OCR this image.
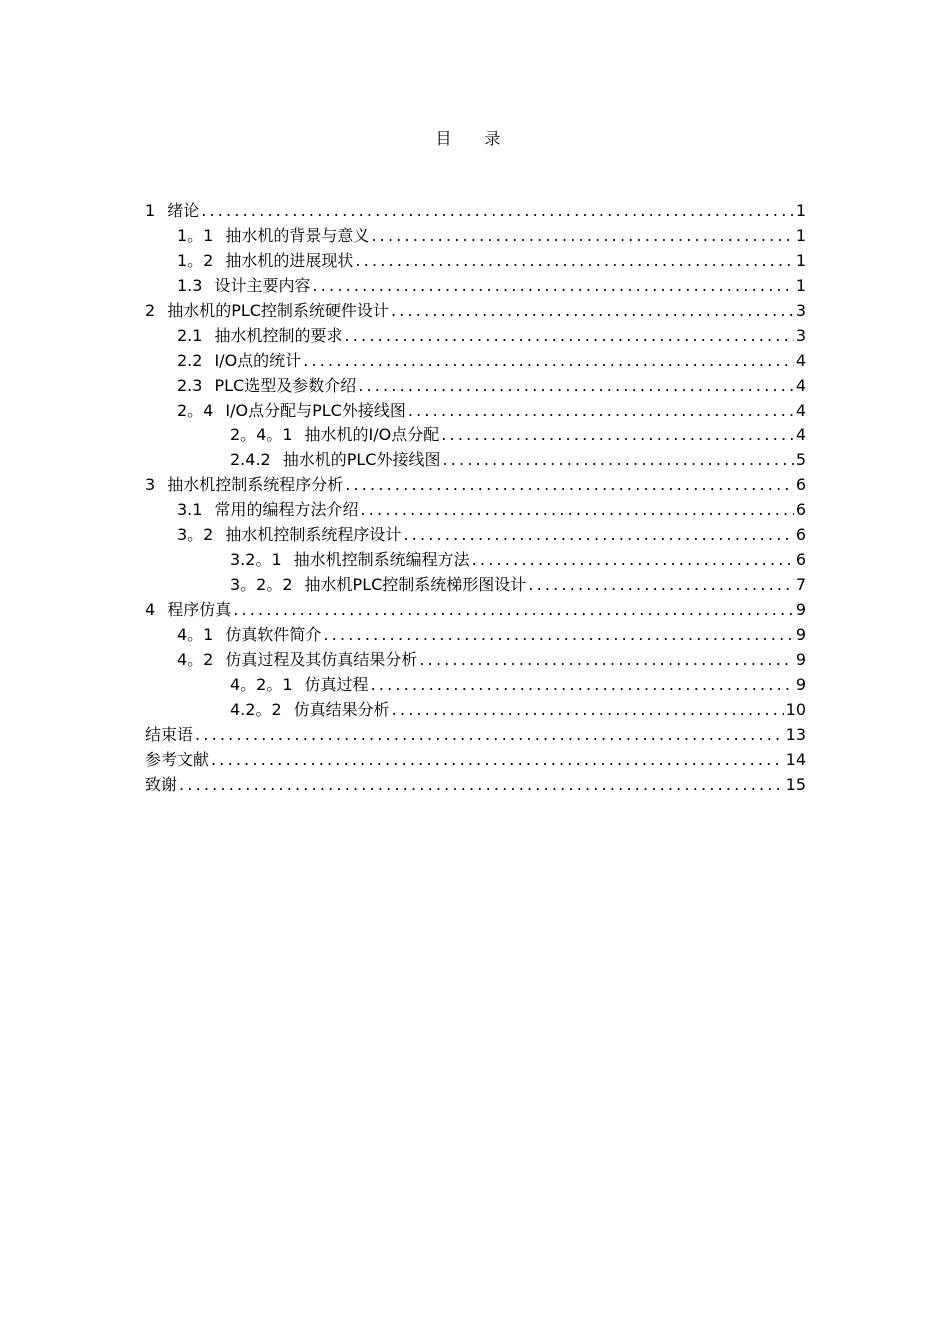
目 录
1 绪论 .....	1
1。1 抽水机的背景与意义 .....	1
1。2 抽水机的进展现状 .....	1
1.3 设计主要内容 .....	1
2 抽水机的PLC控制系统硬件设计 .....	3
2.1 抽水机控制的要求 .....	3
2.2 I/O点的统计 .....	4
2.3 PLC选型及参数介绍 .....	4
2。4 I/O点分配与PLC外接线图 .....	4
2。4。1 抽水机的I/O点分配 .....	4
2.4.2 抽水机的PLC外接线图 .....	5
3 抽水机控制系统程序分析 .....	6
3.1 常用的编程方法介绍 .....	6
3。2 抽水机控制系统程序设计 .....	6
3.2。1 抽水机控制系统编程方法 .....	6
3。2。2 抽水机PLC控制系统梯形图设计 .....	7
4 程序仿真 .....	9
4。1 仿真软件简介 .....	9
4。2 仿真过程及其仿真结果分析 .....	9
4。2。1 仿真过程 .....	9
4.2。2 仿真结果分析 .....	10
结束语 .....	13
参考文献 .....	14
致谢 .....	15
